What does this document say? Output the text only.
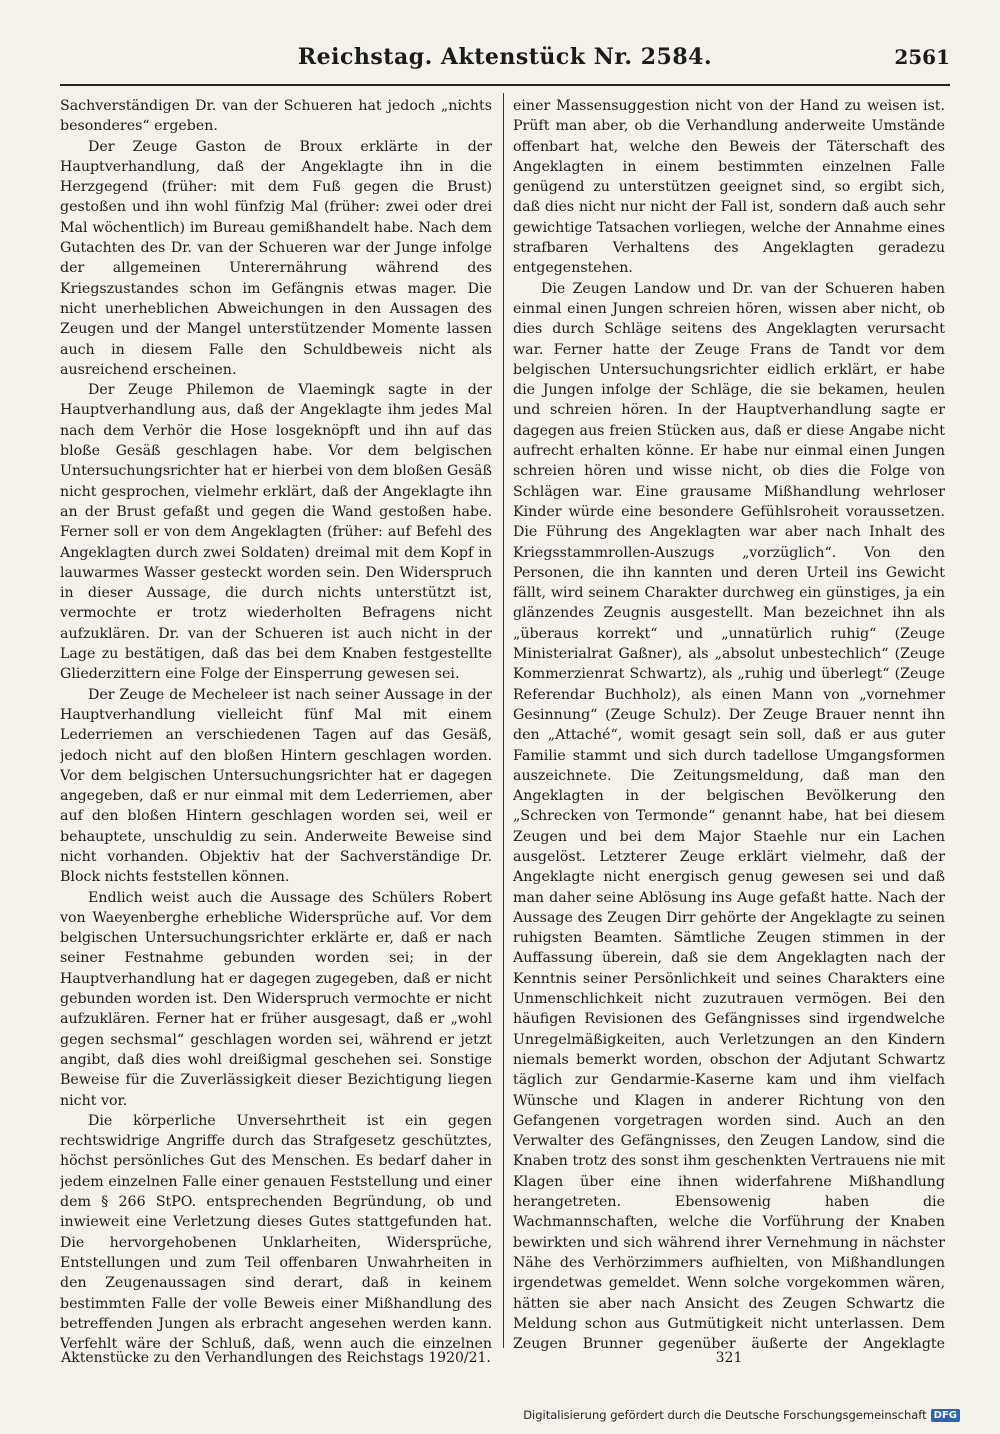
Reichstag. Aktenstück Nr. 2584.	2561

Sachverständigen Dr. van der Schueren hat jedoch „nichts besonderes“ ergeben.

Der Zeuge Gaston de Broux erklärte in der Hauptverhandlung, daß der Angeklagte ihn in die Herzgegend (früher: mit dem Fuß gegen die Brust) gestoßen und ihn wohl fünfzig Mal (früher: zwei oder drei Mal wöchentlich) im Bureau gemißhandelt habe. Nach dem Gutachten des Dr. van der Schueren war der Junge infolge der allgemeinen Unterernährung während des Kriegszustandes schon im Gefängnis etwas mager. Die nicht unerheblichen Abweichungen in den Aussagen des Zeugen und der Mangel unterstützender Momente lassen auch in diesem Falle den Schuldbeweis nicht als ausreichend erscheinen.

Der Zeuge Philemon de Vlaemingk sagte in der Hauptverhandlung aus, daß der Angeklagte ihm jedes Mal nach dem Verhör die Hose losgeknöpft und ihn auf das bloße Gesäß geschlagen habe. Vor dem belgischen Untersuchungsrichter hat er hierbei von dem bloßen Gesäß nicht gesprochen, vielmehr erklärt, daß der Angeklagte ihn an der Brust gefaßt und gegen die Wand gestoßen habe. Ferner soll er von dem Angeklagten (früher: auf Befehl des Angeklagten durch zwei Soldaten) dreimal mit dem Kopf in lauwarmes Wasser gesteckt worden sein. Den Widerspruch in dieser Aussage, die durch nichts unterstützt ist, vermochte er trotz wiederholten Befragens nicht aufzuklären. Dr. van der Schueren ist auch nicht in der Lage zu bestätigen, daß das bei dem Knaben festgestellte Gliederzittern eine Folge der Einsperrung gewesen sei.

Der Zeuge de Mecheleer ist nach seiner Aussage in der Hauptverhandlung vielleicht fünf Mal mit einem Lederriemen an verschiedenen Tagen auf das Gesäß, jedoch nicht auf den bloßen Hintern geschlagen worden. Vor dem belgischen Untersuchungsrichter hat er dagegen angegeben, daß er nur einmal mit dem Lederriemen, aber auf den bloßen Hintern geschlagen worden sei, weil er behauptete, unschuldig zu sein. Anderweite Beweise sind nicht vorhanden. Objektiv hat der Sachverständige Dr. Block nichts feststellen können.

Endlich weist auch die Aussage des Schülers Robert von Waeyenberghe erhebliche Widersprüche auf. Vor dem belgischen Untersuchungsrichter erklärte er, daß er nach seiner Festnahme gebunden worden sei; in der Hauptverhandlung hat er dagegen zugegeben, daß er nicht gebunden worden ist. Den Widerspruch vermochte er nicht aufzuklären. Ferner hat er früher ausgesagt, daß er „wohl gegen sechsmal“ geschlagen worden sei, während er jetzt angibt, daß dies wohl dreißigmal geschehen sei. Sonstige Beweise für die Zuverlässigkeit dieser Bezichtigung liegen nicht vor.

Die körperliche Unversehrtheit ist ein gegen rechtswidrige Angriffe durch das Strafgesetz geschütztes, höchst persönliches Gut des Menschen. Es bedarf daher in jedem einzelnen Falle einer genauen Feststellung und einer dem § 266 StPO. entsprechenden Begründung, ob und inwieweit eine Verletzung dieses Gutes stattgefunden hat. Die hervorgehobenen Unklarheiten, Widersprüche, Entstellungen und zum Teil offenbaren Unwahrheiten in den Zeugenaussagen sind derart, daß in keinem bestimmten Falle der volle Beweis einer Mißhandlung des betreffenden Jungen als erbracht angesehen werden kann. Verfehlt wäre der Schluß, daß, wenn auch die einzelnen

einer Massensuggestion nicht von der Hand zu weisen ist. Prüft man aber, ob die Verhandlung anderweite Umstände offenbart hat, welche den Beweis der Täterschaft des Angeklagten in einem bestimmten einzelnen Falle genügend zu unterstützen geeignet sind, so ergibt sich, daß dies nicht nur nicht der Fall ist, sondern daß auch sehr gewichtige Tatsachen vorliegen, welche der Annahme eines strafbaren Verhaltens des Angeklagten geradezu entgegenstehen.

Die Zeugen Landow und Dr. van der Schueren haben einmal einen Jungen schreien hören, wissen aber nicht, ob dies durch Schläge seitens des Angeklagten verursacht war. Ferner hatte der Zeuge Frans de Tandt vor dem belgischen Untersuchungsrichter eidlich erklärt, er habe die Jungen infolge der Schläge, die sie bekamen, heulen und schreien hören. In der Hauptverhandlung sagte er dagegen aus freien Stücken aus, daß er diese Angabe nicht aufrecht erhalten könne. Er habe nur einmal einen Jungen schreien hören und wisse nicht, ob dies die Folge von Schlägen war. Eine grausame Mißhandlung wehrloser Kinder würde eine besondere Gefühlsroheit voraussetzen. Die Führung des Angeklagten war aber nach Inhalt des Kriegsstammrollen-Auszugs „vorzüglich“. Von den Personen, die ihn kannten und deren Urteil ins Gewicht fällt, wird seinem Charakter durchweg ein günstiges, ja ein glänzendes Zeugnis ausgestellt. Man bezeichnet ihn als „überaus korrekt“ und „unnatürlich ruhig“ (Zeuge Ministerialrat Gaßner), als „absolut unbestechlich“ (Zeuge Kommerzienrat Schwartz), als „ruhig und überlegt“ (Zeuge Referendar Buchholz), als einen Mann von „vornehmer Gesinnung“ (Zeuge Schulz). Der Zeuge Brauer nennt ihn den „Attaché“, womit gesagt sein soll, daß er aus guter Familie stammt und sich durch tadellose Umgangsformen auszeichnete. Die Zeitungsmeldung, daß man den Angeklagten in der belgischen Bevölkerung den „Schrecken von Termonde“ genannt habe, hat bei diesem Zeugen und bei dem Major Staehle nur ein Lachen ausgelöst. Letzterer Zeuge erklärt vielmehr, daß der Angeklagte nicht energisch genug gewesen sei und daß man daher seine Ablösung ins Auge gefaßt hatte. Nach der Aussage des Zeugen Dirr gehörte der Angeklagte zu seinen ruhigsten Beamten. Sämtliche Zeugen stimmen in der Auffassung überein, daß sie dem Angeklagten nach der Kenntnis seiner Persönlichkeit und seines Charakters eine Unmenschlichkeit nicht zuzutrauen vermögen. Bei den häufigen Revisionen des Gefängnisses sind irgendwelche Unregelmäßigkeiten, auch Verletzungen an den Kindern niemals bemerkt worden, obschon der Adjutant Schwartz täglich zur Gendarmie-Kaserne kam und ihm vielfach Wünsche und Klagen in anderer Richtung von den Gefangenen vorgetragen worden sind. Auch an den Verwalter des Gefängnisses, den Zeugen Landow, sind die Knaben trotz des sonst ihm geschenkten Vertrauens nie mit Klagen über eine ihnen widerfahrene Mißhandlung herangetreten. Ebensowenig haben die Wachmannschaften, welche die Vorführung der Knaben bewirkten und sich während ihrer Vernehmung in nächster Nähe des Verhörzimmers aufhielten, von Mißhandlungen irgendetwas gemeldet. Wenn solche vorgekommen wären, hätten sie aber nach Ansicht des Zeugen Schwartz die Meldung schon aus Gutmütigkeit nicht unterlassen. Dem Zeugen Brunner gegenüber äußerte der Angeklagte

Aktenstücke zu den Verhandlungen des Reichstags 1920/21.	321
Digitalisierung gefördert durch die Deutsche Forschungsgemeinschaft DFG
